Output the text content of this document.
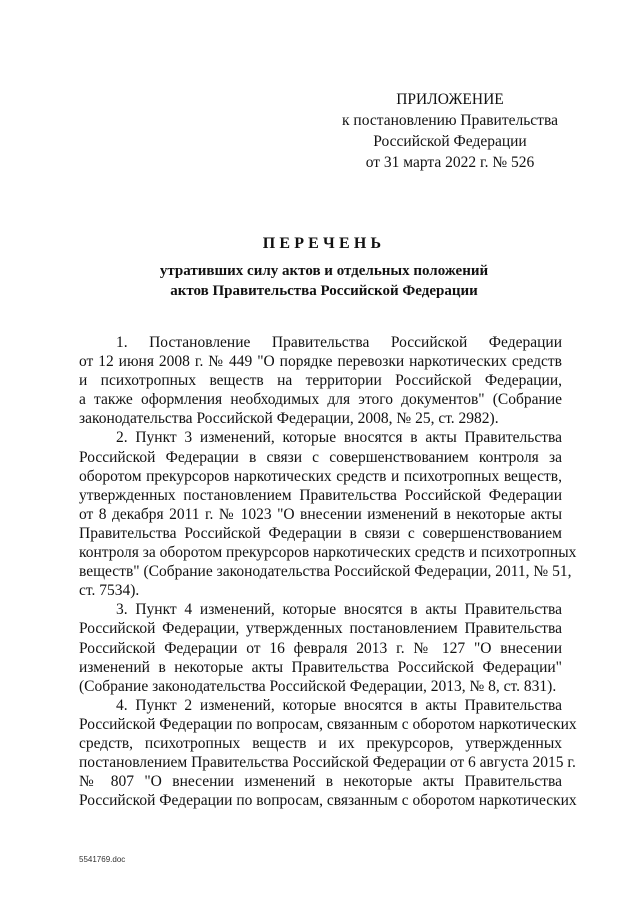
ПРИЛОЖЕНИЕ
к постановлению Правительства
Российской Федерации
от 31 марта 2022 г. № 526
ПЕРЕЧЕНЬ
утративших силу актов и отдельных положений
актов Правительства Российской Федерации
1. Постановление Правительства Российской Федерации
от 12 июня 2008 г. № 449 "О порядке перевозки наркотических средств
и психотропных веществ на территории Российской Федерации,
а также оформления необходимых для этого документов" (Собрание
законодательства Российской Федерации, 2008, № 25, ст. 2982).
2. Пункт 3 изменений, которые вносятся в акты Правительства
Российской Федерации в связи с совершенствованием контроля за
оборотом прекурсоров наркотических средств и психотропных веществ,
утвержденных постановлением Правительства Российской Федерации
от 8 декабря 2011 г. № 1023 "О внесении изменений в некоторые акты
Правительства Российской Федерации в связи с совершенствованием
контроля за оборотом прекурсоров наркотических средств и психотропных
веществ" (Собрание законодательства Российской Федерации, 2011, № 51,
ст. 7534).
3. Пункт 4 изменений, которые вносятся в акты Правительства
Российской Федерации, утвержденных постановлением Правительства
Российской Федерации от 16 февраля 2013 г. № 127 "О внесении
изменений в некоторые акты Правительства Российской Федерации"
(Собрание законодательства Российской Федерации, 2013, № 8, ст. 831).
4. Пункт 2 изменений, которые вносятся в акты Правительства
Российской Федерации по вопросам, связанным с оборотом наркотических
средств, психотропных веществ и их прекурсоров, утвержденных
постановлением Правительства Российской Федерации от 6 августа 2015 г.
№ 807 "О внесении изменений в некоторые акты Правительства
Российской Федерации по вопросам, связанным с оборотом наркотических
5541769.doc
